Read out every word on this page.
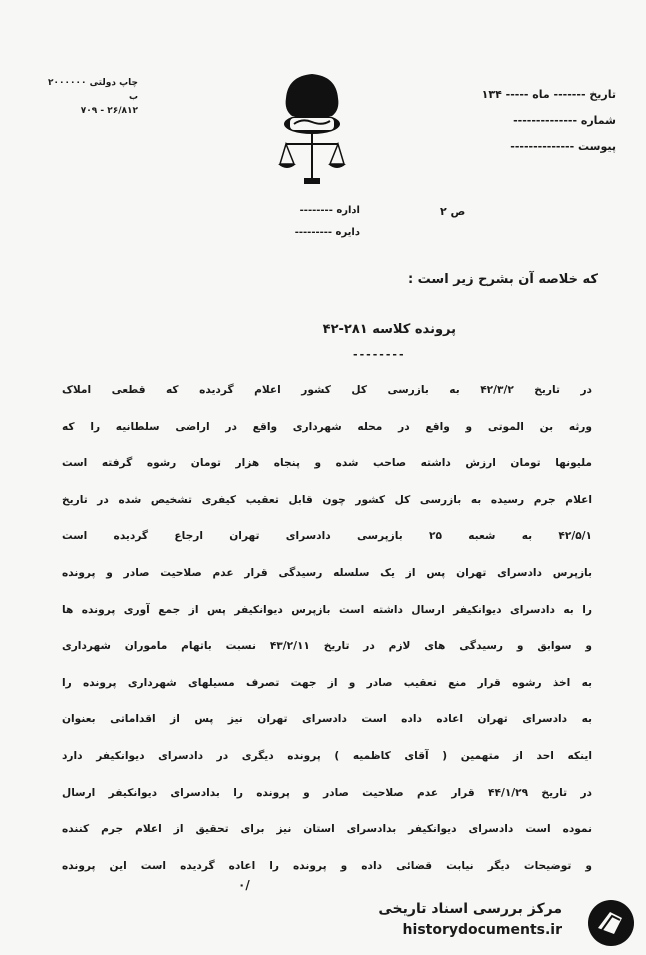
چاپ دولتی ۲۰۰۰۰۰۰ ب
۲۶/۸۱۲ - ۷۰۹
تاریخ ------- ماه ----- ۱۳۴
شماره --------------
پیوست --------------
ص ۲
اداره --------
دایره ---------
که خلاصه آن بشرح زیر است :
پرونده کلاسه ۲۸۱-۴۲
--------
در تاریخ ۴۲/۳/۲ به بازرسی کل کشور اعلام گردیده که قطعی املاک
ورثه بن الموتی و واقع در محله شهرداری واقع در اراضی سلطانیه را که
ملیونها تومان ارزش داشته صاحب شده و پنجاه هزار تومان رشوه گرفته است
اعلام جرم رسیده به بازرسی کل کشور چون قابل تعقیب کیفری تشخیص شده در تاریخ
۴۲/۵/۱ به شعبه ۲۵ بازپرسی دادسرای تهران ارجاع گردیده است
بازپرس دادسرای تهران پس از یک سلسله رسیدگی قرار عدم صلاحیت صادر و پرونده
را به دادسرای دیوانکیفر ارسال داشته است بازپرس دیوانکیفر پس از جمع آوری پرونده ها
و سوابق و رسیدگی های لازم در تاریخ ۴۳/۲/۱۱ نسبت باتهام ماموران شهرداری
به اخذ رشوه قرار منع تعقیب صادر و از جهت تصرف مسیلهای شهرداری پرونده را
به دادسرای تهران اعاده داده است دادسرای تهران نیز پس از اقداماتی بعنوان
اینکه احد از متهمین ( آقای کاظمیه ) پرونده دیگری در دادسرای دیوانکیفر دارد
در تاریخ ۴۴/۱/۲۹ قرار عدم صلاحیت صادر و پرونده را بدادسرای دیوانکیفر ارسال
نموده است دادسرای دیوانکیفر بدادسرای استان نیز برای تحقیق از اعلام جرم کننده
و توضیحات دیگر نیابت قضائی داده و پرونده را اعاده گردیده است این پرونده
۰/
مرکز بررسی اسناد تاریخی
historydocuments.ir
